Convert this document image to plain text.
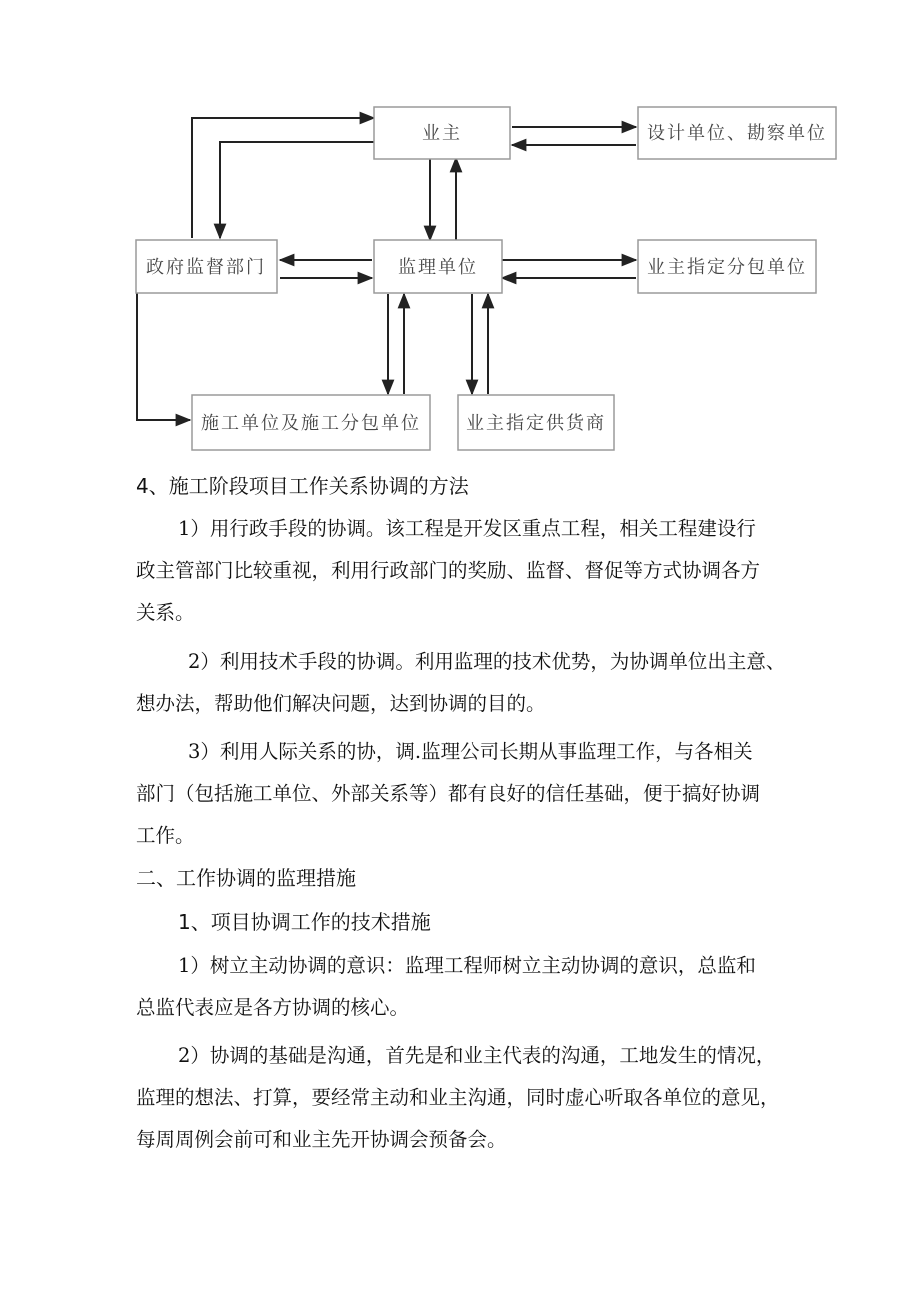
业主	设计单位、勘察单位
政府监督部门	监理单位	业主指定分包单位
施工单位及施工分包单位	业主指定供货商
4、施工阶段项目工作关系协调的方法
1）用行政手段的协调。该工程是开发区重点工程，相关工程建设行
政主管部门比较重视，利用行政部门的奖励、监督、督促等方式协调各方
关系。
2）利用技术手段的协调。利用监理的技术优势，为协调单位出主意、
想办法，帮助他们解决问题，达到协调的目的。
3）利用人际关系的协，调.监理公司长期从事监理工作，与各相关
部门（包括施工单位、外部关系等）都有良好的信任基础，便于搞好协调
工作。
二、工作协调的监理措施
1、项目协调工作的技术措施
1）树立主动协调的意识：监理工程师树立主动协调的意识，总监和
总监代表应是各方协调的核心。
2）协调的基础是沟通，首先是和业主代表的沟通，工地发生的情况，
监理的想法、打算，要经常主动和业主沟通，同时虚心听取各单位的意见，
每周周例会前可和业主先开协调会预备会。
